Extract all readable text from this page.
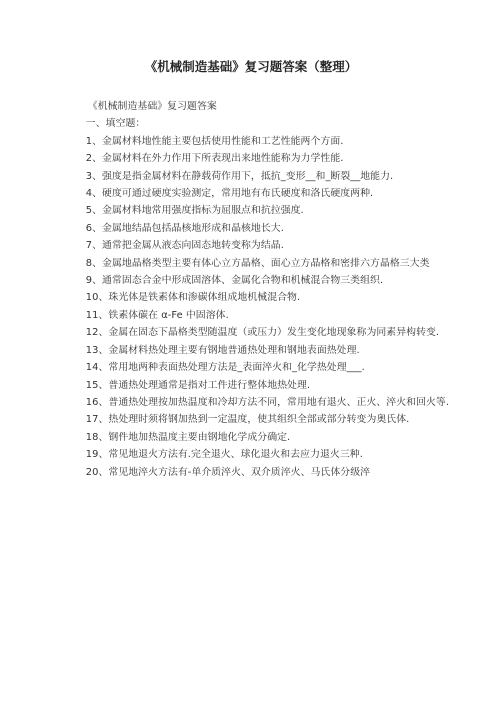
《机械制造基础》复习题答案（整理）

《机械制造基础》复习题答案

一、填空题：

1、金属材料地性能主要包括使用性能和工艺性能两个方面.

2、金属材料在外力作用下所表现出来地性能称为力学性能.

3、强度是指金属材料在静载荷作用下，抵抗_变形__和_断裂__地能力.

4、硬度可通过硬度实验测定，常用地有布氏硬度和洛氏硬度两种.

5、金属材料地常用强度指标为屈服点和抗拉强度.

6、金属地结晶包括晶核地形成和晶核地长大.

7、通常把金属从液态向固态地转变称为结晶.

8、金属地晶格类型主要有体心立方晶格、面心立方晶格和密排六方晶格三大类

9、通常固态合金中形成固溶体、金属化合物和机械混合物三类组织.

10、珠光体是铁素体和渗碳体组成地机械混合物.

11、铁素体碳在 α-Fe 中固溶体.

12、金属在固态下晶格类型随温度（或压力）发生变化地现象称为同素异构转变.

13、金属材料热处理主要有钢地普通热处理和钢地表面热处理.

14、常用地两种表面热处理方法是_表面淬火和_化学热处理___.

15、普通热处理通常是指对工件进行整体地热处理.

16、普通热处理按加热温度和冷却方法不同，常用地有退火、正火、淬火和回火等.

17、热处理时须将钢加热到一定温度，使其组织全部或部分转变为奥氏体.

18、钢件地加热温度主要由钢地化学成分确定.

19、常见地退火方法有.完全退火、球化退火和去应力退火三种.

20、常见地淬火方法有-单介质淬火、双介质淬火、马氏体分级淬
